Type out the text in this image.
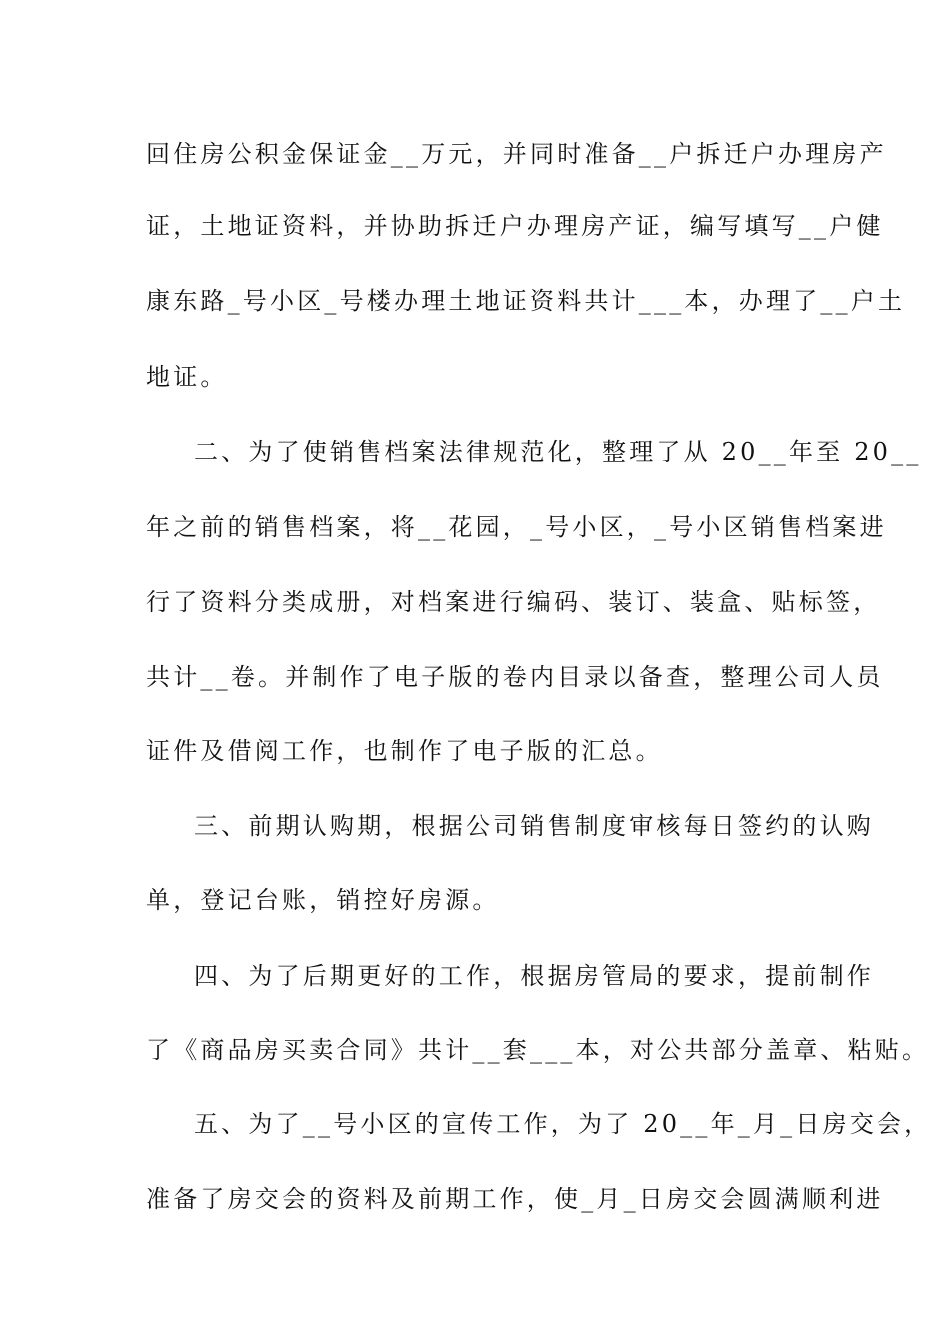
回住房公积金保证金__万元，并同时准备__户拆迁户办理房产
证，土地证资料，并协助拆迁户办理房产证，编写填写__户健
康东路_号小区_号楼办理土地证资料共计___本，办理了__户土
地证。
二、为了使销售档案法律规范化，整理了从 20__年至 20__
年之前的销售档案，将__花园，_号小区，_号小区销售档案进
行了资料分类成册，对档案进行编码、装订、装盒、贴标签，
共计__卷。并制作了电子版的卷内目录以备查，整理公司人员
证件及借阅工作，也制作了电子版的汇总。
三、前期认购期，根据公司销售制度审核每日签约的认购
单，登记台账，销控好房源。
四、为了后期更好的工作，根据房管局的要求，提前制作
了《商品房买卖合同》共计__套___本，对公共部分盖章、粘贴。
五、为了__号小区的宣传工作，为了 20__年_月_日房交会，
准备了房交会的资料及前期工作，使_月_日房交会圆满顺利进
